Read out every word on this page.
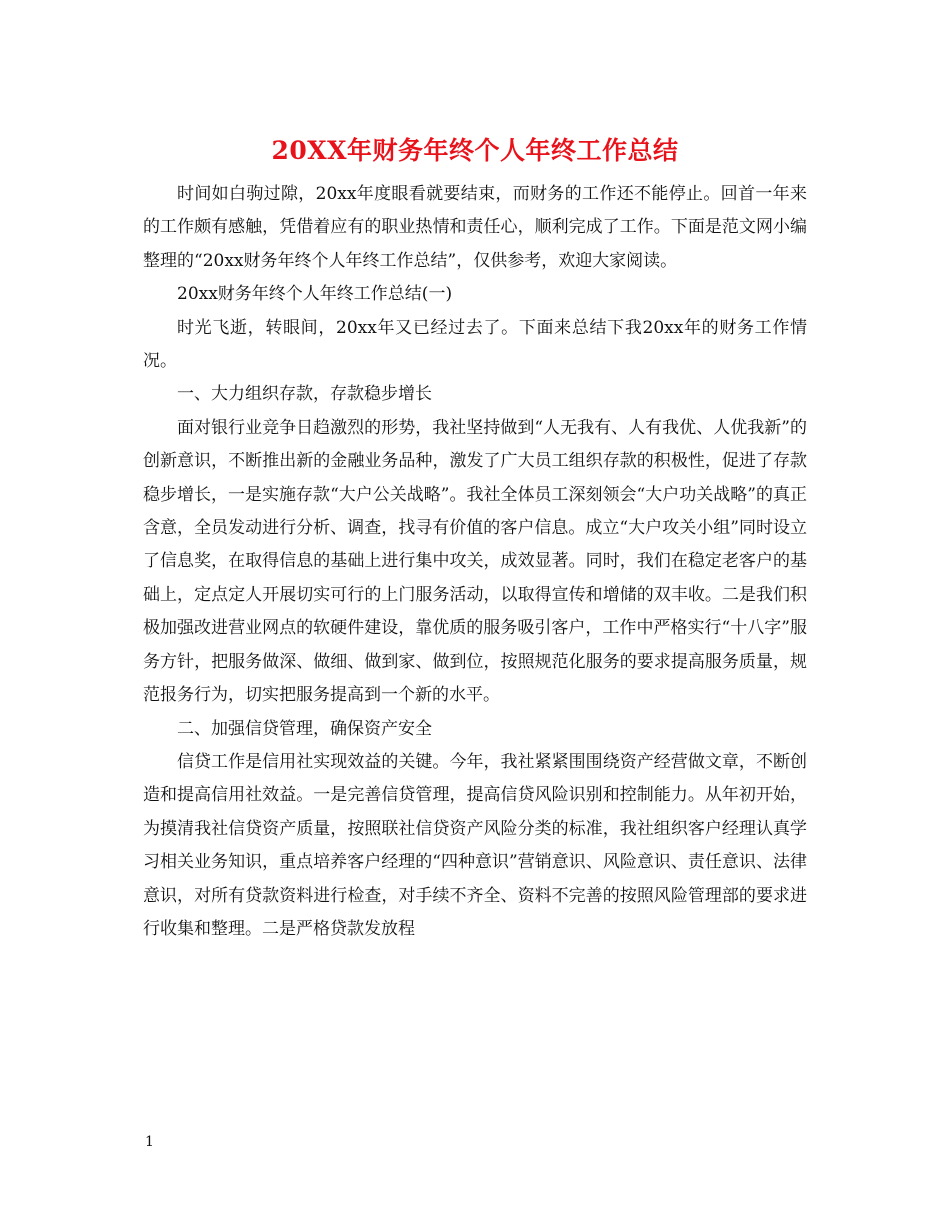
20XX年财务年终个人年终工作总结

时间如白驹过隙，20xx年度眼看就要结束，而财务的工作还不能停止。回首一年来的工作颇有感触，凭借着应有的职业热情和责任心，顺利完成了工作。下面是范文网小编整理的“20xx财务年终个人年终工作总结”，仅供参考，欢迎大家阅读。

20xx财务年终个人年终工作总结(一)

时光飞逝，转眼间，20xx年又已经过去了。下面来总结下我20xx年的财务工作情况。

一、大力组织存款，存款稳步增长

面对银行业竞争日趋激烈的形势，我社坚持做到“人无我有、人有我优、人优我新”的创新意识，不断推出新的金融业务品种，激发了广大员工组织存款的积极性，促进了存款稳步增长，一是实施存款“大户公关战略”。我社全体员工深刻领会“大户功关战略”的真正含意，全员发动进行分析、调查，找寻有价值的客户信息。成立“大户攻关小组”同时设立了信息奖，在取得信息的基础上进行集中攻关，成效显著。同时，我们在稳定老客户的基础上，定点定人开展切实可行的上门服务活动，以取得宣传和增储的双丰收。二是我们积极加强改进营业网点的软硬件建设，靠优质的服务吸引客户，工作中严格实行“十八字”服务方针，把服务做深、做细、做到家、做到位，按照规范化服务的要求提高服务质量，规范报务行为，切实把服务提高到一个新的水平。

二、加强信贷管理，确保资产安全

信贷工作是信用社实现效益的关键。今年，我社紧紧围围绕资产经营做文章，不断创造和提高信用社效益。一是完善信贷管理，提高信贷风险识别和控制能力。从年初开始，为摸清我社信贷资产质量，按照联社信贷资产风险分类的标准，我社组织客户经理认真学习相关业务知识，重点培养客户经理的“四种意识”营销意识、风险意识、责任意识、法律意识，对所有贷款资料进行检查，对手续不齐全、资料不完善的按照风险管理部的要求进行收集和整理。二是严格贷款发放程

1
